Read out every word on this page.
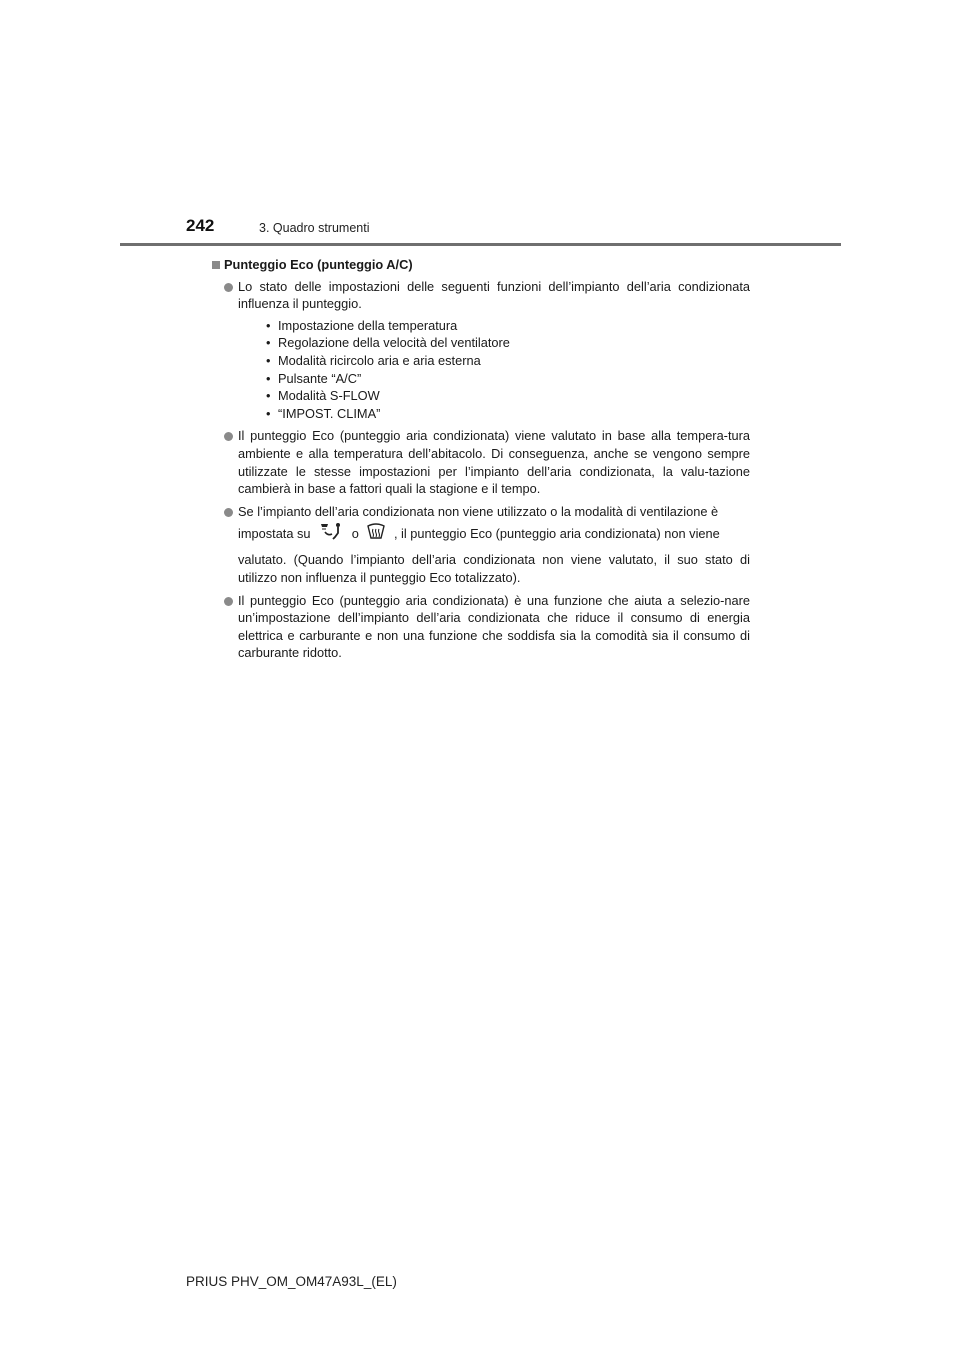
242	3. Quadro strumenti
Punteggio Eco (punteggio A/C)
Lo stato delle impostazioni delle seguenti funzioni dell’impianto dell’aria condizionata influenza il punteggio.
• Impostazione della temperatura
• Regolazione della velocità del ventilatore
• Modalità ricircolo aria e aria esterna
• Pulsante “A/C”
• Modalità S-FLOW
• “IMPOST. CLIMA”
Il punteggio Eco (punteggio aria condizionata) viene valutato in base alla tempera-tura ambiente e alla temperatura dell’abitacolo. Di conseguenza, anche se vengono sempre utilizzate le stesse impostazioni per l’impianto dell’aria condizionata, la valu-tazione cambierà in base a fattori quali la stagione e il tempo.
Se l’impianto dell’aria condizionata non viene utilizzato o la modalità di ventilazione è
impostata su	o	, il punteggio Eco (punteggio aria condizionata) non viene
valutato. (Quando l’impianto dell’aria condizionata non viene valutato, il suo stato di utilizzo non influenza il punteggio Eco totalizzato).
Il punteggio Eco (punteggio aria condizionata) è una funzione che aiuta a selezio-nare un’impostazione dell’impianto dell’aria condizionata che riduce il consumo di energia elettrica e carburante e non una funzione che soddisfa sia la comodità sia il consumo di carburante ridotto.
PRIUS PHV_OM_OM47A93L_(EL)
